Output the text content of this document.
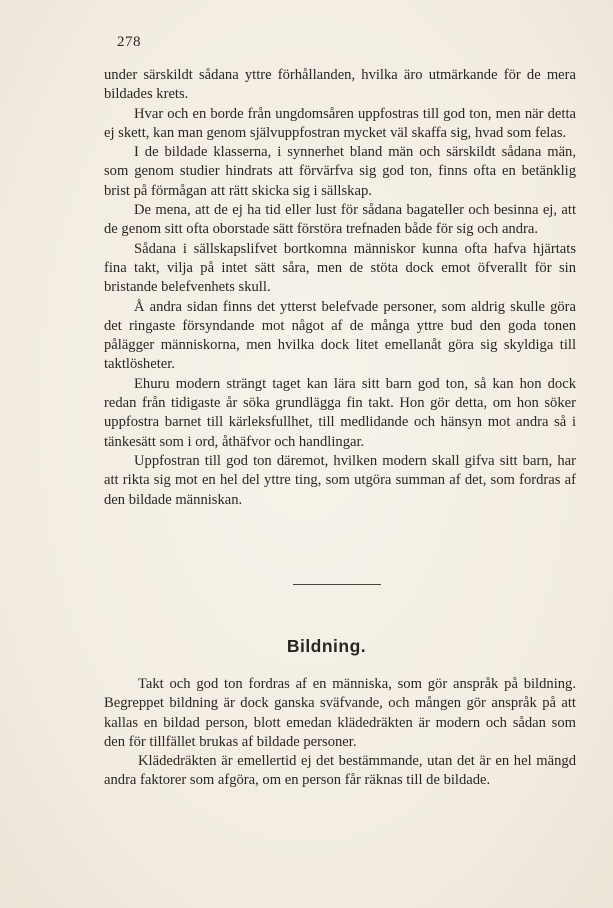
278

under särskildt sådana yttre förhållanden, hvilka äro utmärkande för de mera bildades krets.

Hvar och en borde från ungdomsåren uppfostras till god ton, men när detta ej skett, kan man genom självuppfostran mycket väl skaffa sig, hvad som felas.

I de bildade klasserna, i synnerhet bland män och särskildt sådana män, som genom studier hindrats att förvärfva sig god ton, finns ofta en betänklig brist på förmågan att rätt skicka sig i sällskap.

De mena, att de ej ha tid eller lust för sådana bagateller och besinna ej, att de genom sitt ofta oborstade sätt förstöra trefnaden både för sig och andra.

Sådana i sällskapslifvet bortkomna människor kunna ofta hafva hjärtats fina takt, vilja på intet sätt såra, men de stöta dock emot öfverallt för sin bristande belefvenhets skull.

Å andra sidan finns det ytterst belefvade personer, som aldrig skulle göra det ringaste försyndande mot något af de många yttre bud den goda tonen pålägger människorna, men hvilka dock litet emellanåt göra sig skyldiga till taktlösheter.

Ehuru modern strängt taget kan lära sitt barn god ton, så kan hon dock redan från tidigaste år söka grundlägga fin takt. Hon gör detta, om hon söker uppfostra barnet till kärleksfullhet, till medlidande och hänsyn mot andra så i tänkesätt som i ord, åthäfvor och handlingar.

Uppfostran till god ton däremot, hvilken modern skall gifva sitt barn, har att rikta sig mot en hel del yttre ting, som utgöra summan af det, som fordras af den bildade människan.

Bildning.

Takt och god ton fordras af en människa, som gör anspråk på bildning. Begreppet bildning är dock ganska sväfvande, och mången gör anspråk på att kallas en bildad person, blott emedan klädedräkten är modern och sådan som den för tillfället brukas af bildade personer.

Klädedräkten är emellertid ej det bestämmande, utan det är en hel mängd andra faktorer som afgöra, om en person får räknas till de bildade.
